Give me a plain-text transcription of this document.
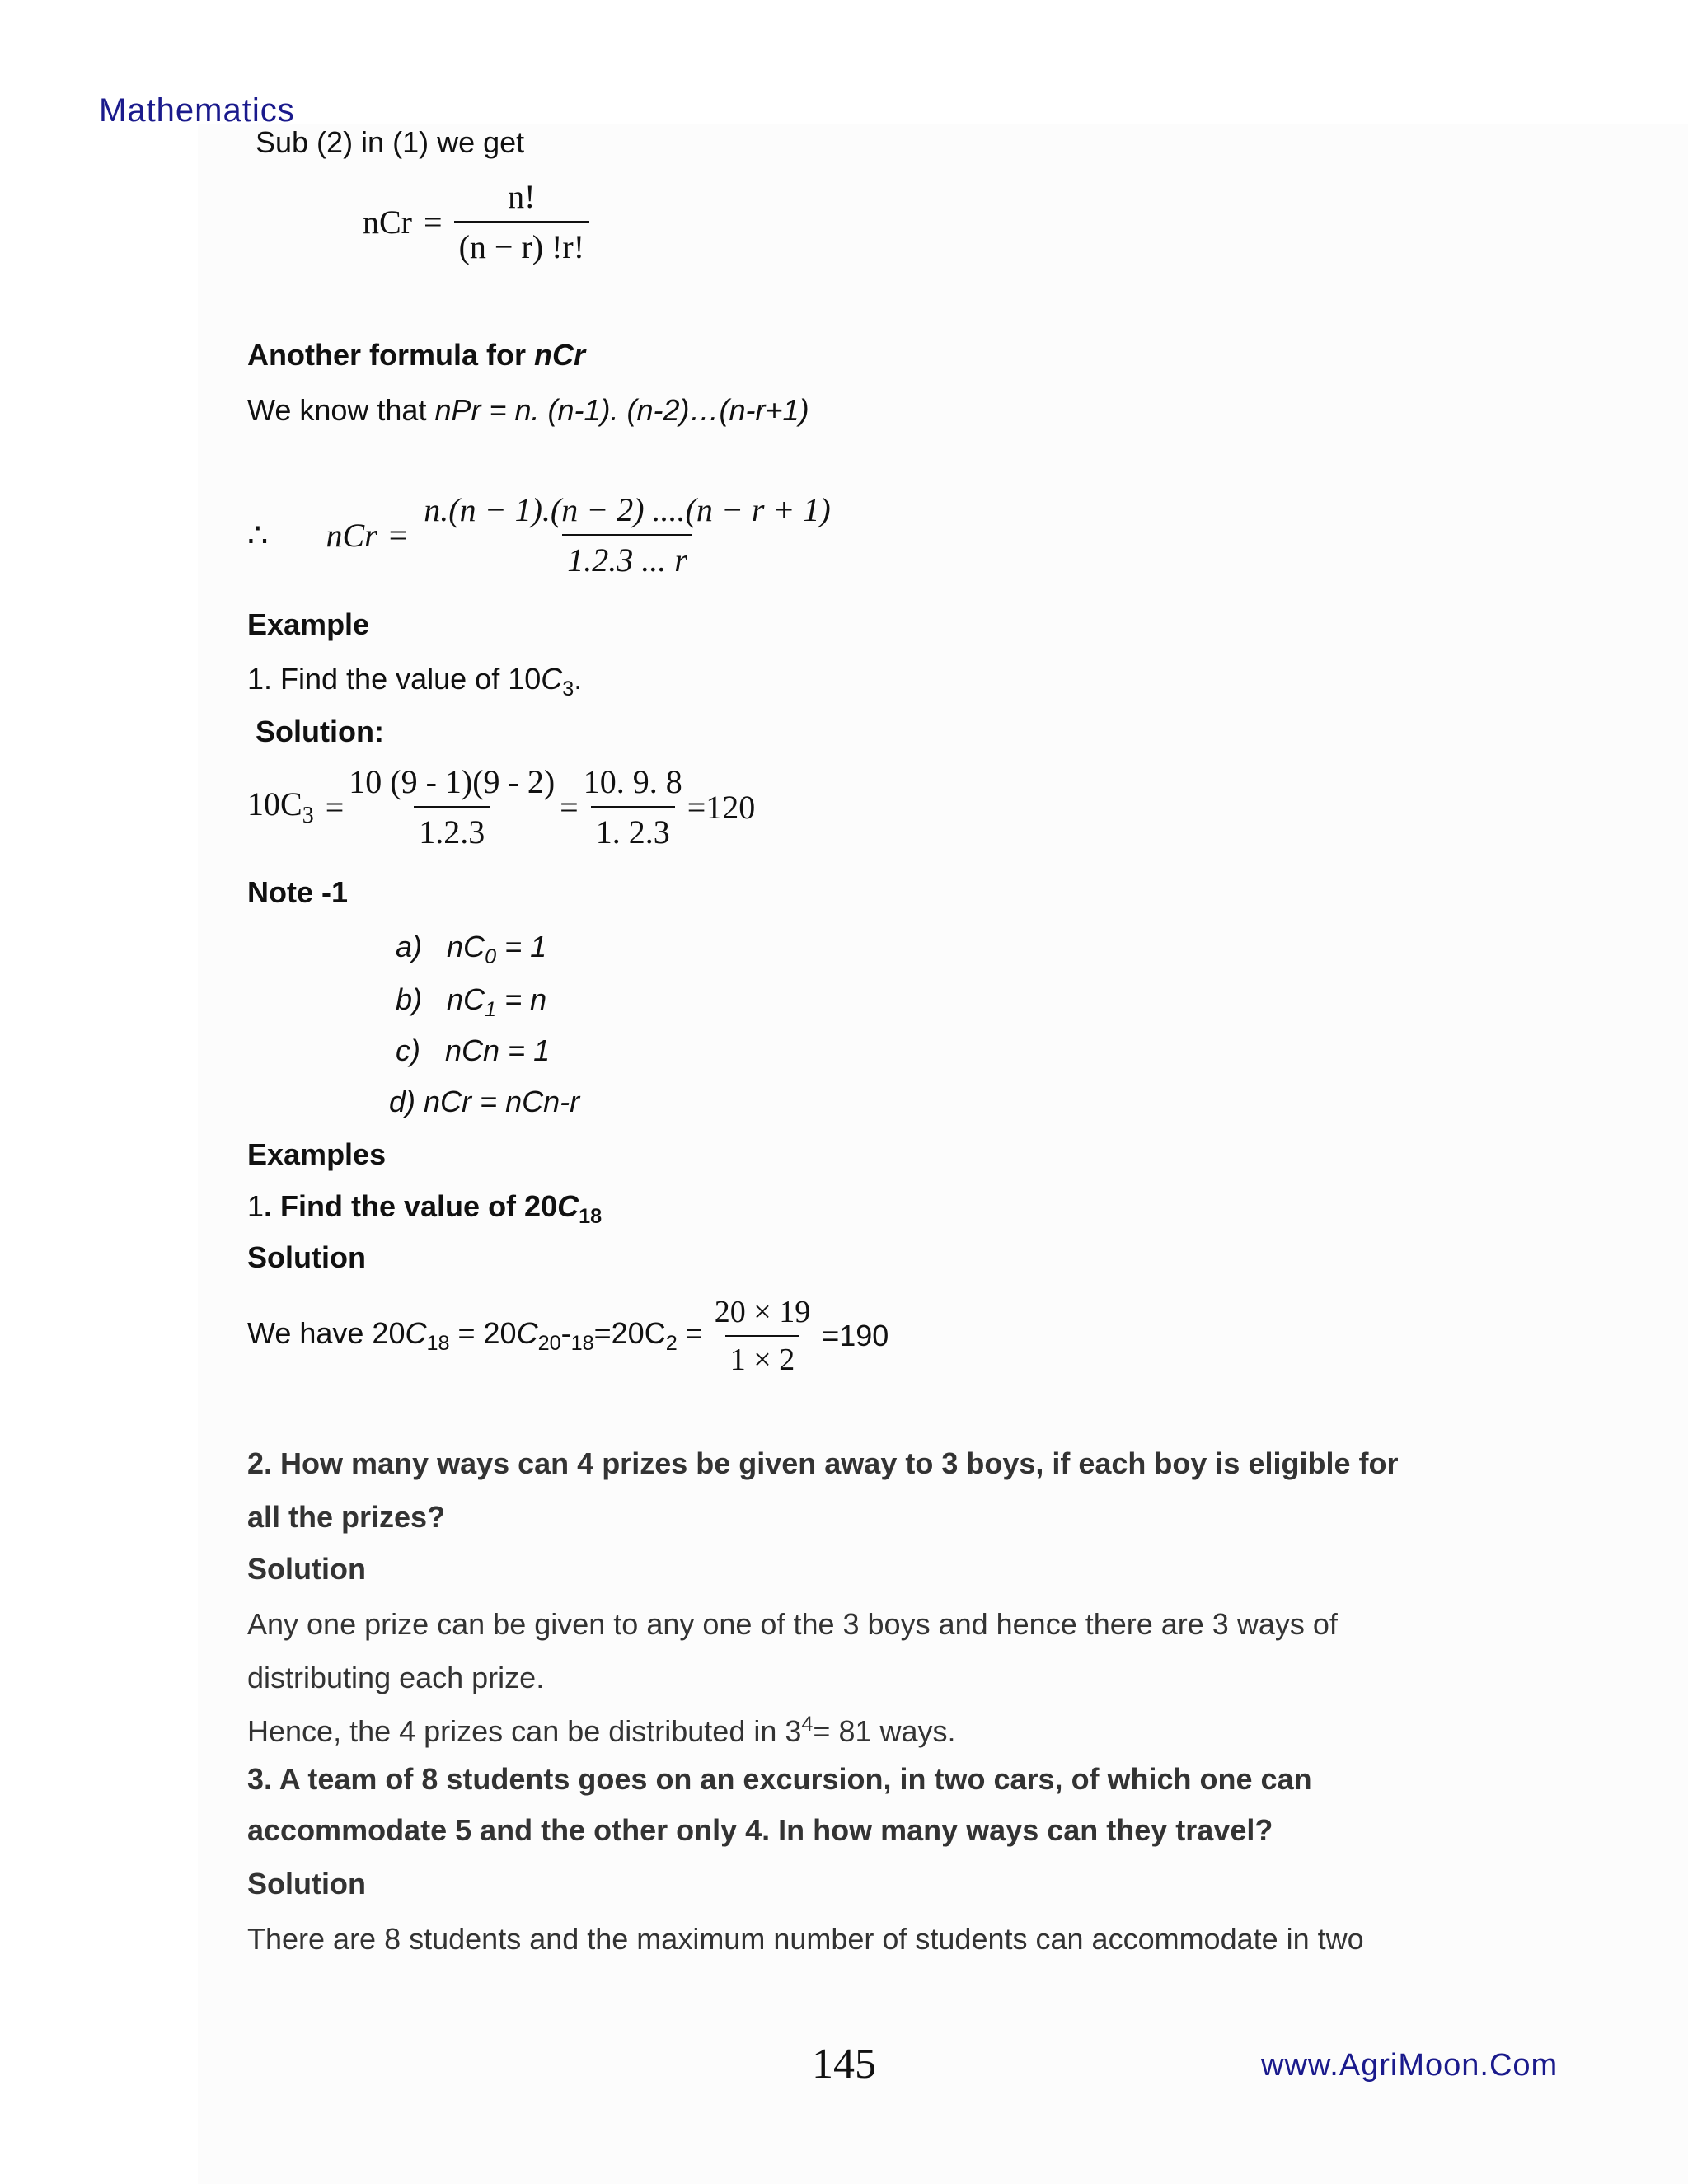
Mathematics
Sub (2) in (1) we get
nCr = $\frac{n!}{(n - r) !r!}$
Another formula for nCr
We know that nPr = n. (n-1). (n-2)…(n-r+1)
∴ nCr = $\frac{n.(n - 1).(n - 2) ....(n - r + 1)}{1.2.3 ... r}$
Example
1. Find the value of $10C_3$.
Solution:
$10C_3 = \frac{10 (9 - 1)(9 - 2)}{1.2.3} = \frac{10. 9. 8}{1. 2.3} =120$
Note -1
a) $nC_0 = 1$
b) $nC_1 = n$
c) nCn = 1
d) nCr = nCn-r
Examples
1. Find the value of $20C_{18}$
Solution
We have $20C_{18} = 20C_{20}-_{18}=20C_2 = \frac{20 \times 19}{1 \times 2} =190$
2. How many ways can 4 prizes be given away to 3 boys, if each boy is eligible for
all the prizes?
Solution
Any one prize can be given to any one of the 3 boys and hence there are 3 ways of
distributing each prize.
Hence, the 4 prizes can be distributed in $3^4= 81$ ways.
3. A team of 8 students goes on an excursion, in two cars, of which one can
accommodate 5 and the other only 4. In how many ways can they travel?
Solution
There are 8 students and the maximum number of students can accommodate in two
145	www.AgriMoon.Com
